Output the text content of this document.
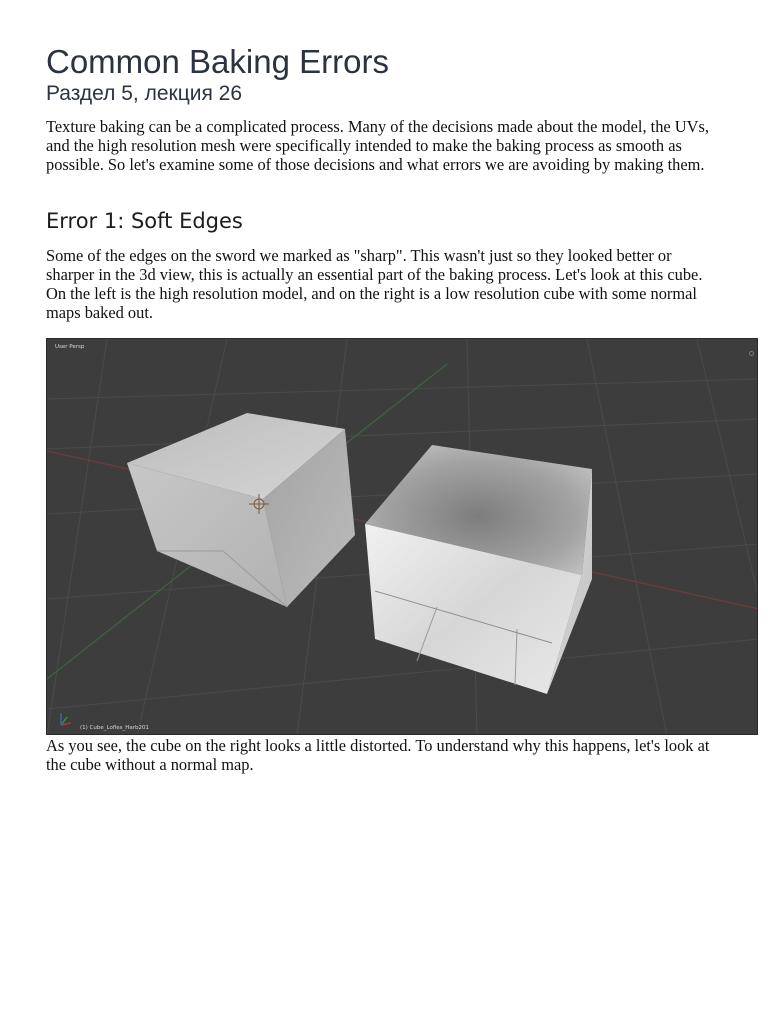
Common Baking Errors

Раздел 5, лекция 26

Texture baking can be a complicated process. Many of the decisions made about the model, the UVs, and the high resolution mesh were specifically intended to make the baking process as smooth as possible. So let's examine some of those decisions and what errors we are avoiding by making them.

Error 1: Soft Edges

Some of the edges on the sword we marked as "sharp". This wasn't just so they looked better or sharper in the 3d view, this is actually an essential part of the baking process. Let's look at this cube. On the left is the high resolution model, and on the right is a low resolution cube with some normal maps baked out.

As you see, the cube on the right looks a little distorted. To understand why this happens, let's look at the cube without a normal map.

User Persp
(1) Cube_Lofles_Harb201
